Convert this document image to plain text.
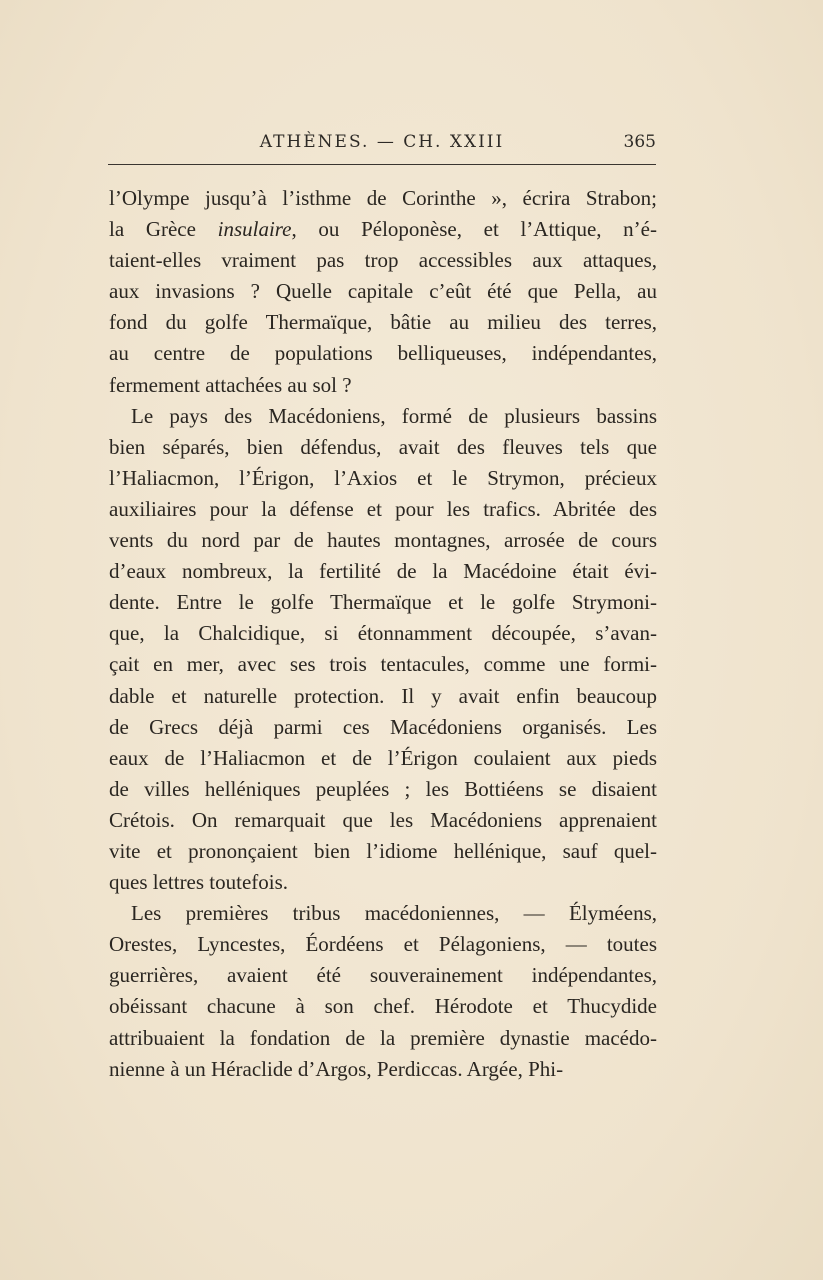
ATHÈNES. — CH. XXIII	365
l’Olympe jusqu’à l’isthme de Corinthe », écrira Strabon;
la Grèce insulaire, ou Péloponèse, et l’Attique, n’é-
taient-elles vraiment pas trop accessibles aux attaques,
aux invasions ? Quelle capitale c’eût été que Pella, au
fond du golfe Thermaïque, bâtie au milieu des terres,
au centre de populations belliqueuses, indépendantes,
fermement attachées au sol ?
Le pays des Macédoniens, formé de plusieurs bassins
bien séparés, bien défendus, avait des fleuves tels que
l’Haliacmon, l’Érigon, l’Axios et le Strymon, précieux
auxiliaires pour la défense et pour les trafics. Abritée des
vents du nord par de hautes montagnes, arrosée de cours
d’eaux nombreux, la fertilité de la Macédoine était évi-
dente. Entre le golfe Thermaïque et le golfe Strymoni-
que, la Chalcidique, si étonnamment découpée, s’avan-
çait en mer, avec ses trois tentacules, comme une formi-
dable et naturelle protection. Il y avait enfin beaucoup
de Grecs déjà parmi ces Macédoniens organisés. Les
eaux de l’Haliacmon et de l’Érigon coulaient aux pieds
de villes helléniques peuplées ; les Bottiéens se disaient
Crétois. On remarquait que les Macédoniens apprenaient
vite et prononçaient bien l’idiome hellénique, sauf quel-
ques lettres toutefois.
Les premières tribus macédoniennes, — Élyméens,
Orestes, Lyncestes, Éordéens et Pélagoniens, — toutes
guerrières, avaient été souverainement indépendantes,
obéissant chacune à son chef. Hérodote et Thucydide
attribuaient la fondation de la première dynastie macédo-
nienne à un Héraclide d’Argos, Perdiccas. Argée, Phi-
